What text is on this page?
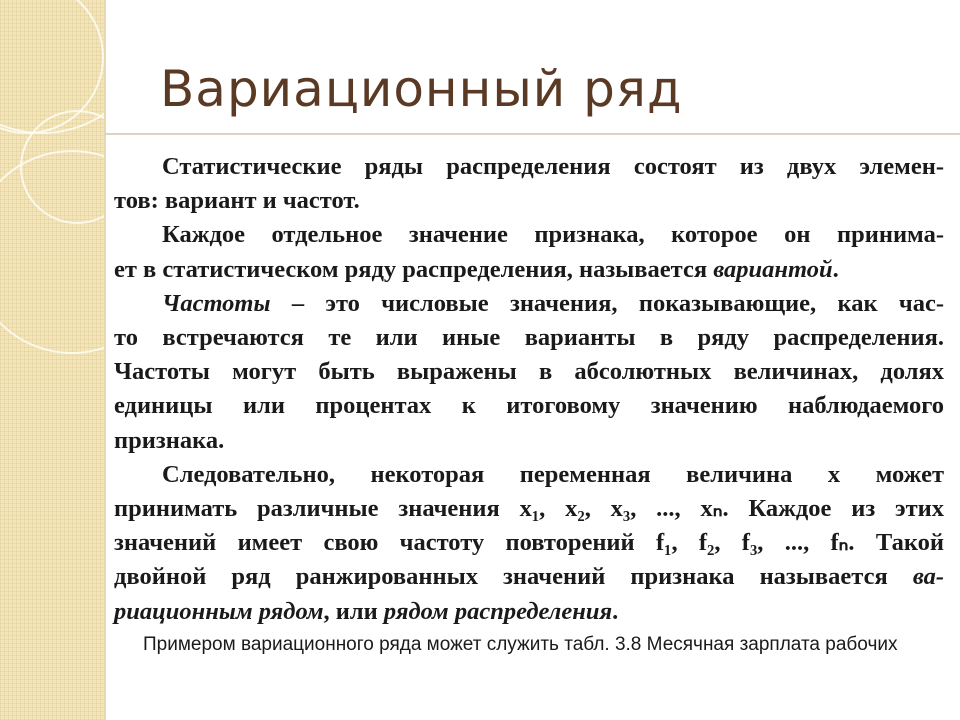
Вариационный ряд

Статистические ряды распределения состоят из двух элемен-
тов: вариант и частот.

Каждое отдельное значение признака, которое он принима-
ет в статистическом ряду распределения, называется вариантой.

Частоты – это числовые значения, показывающие, как час-
то встречаются те или иные варианты в ряду распределения.
Частоты могут быть выражены в абсолютных величинах, долях
единицы или процентах к итоговому значению наблюдаемого
признака.

Следовательно, некоторая переменная величина x может
принимать различные значения x₁, x₂, x₃, ..., xₙ. Каждое из этих
значений имеет свою частоту повторений f₁, f₂, f₃, ..., fₙ. Такой
двойной ряд ранжированных значений признака называется ва-
риационным рядом, или рядом распределения.

Примером вариационного ряда может служить табл. 3.8 Месячная зарплата рабочих
